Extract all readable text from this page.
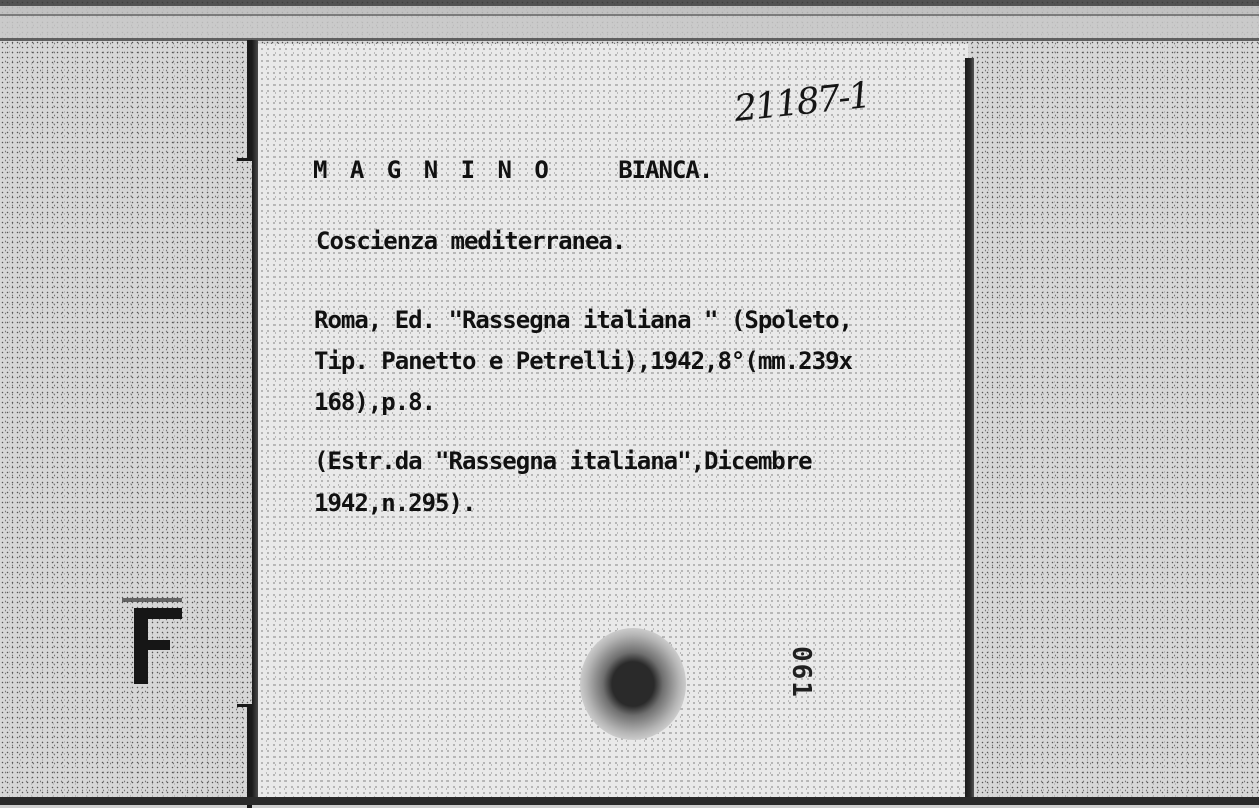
21187-1
M A G N I N O   BIANCA.
Coscienza mediterranea.
Roma, Ed. "Rassegna italiana " (Spoleto,
Tip. Panetto e Petrelli),1942,8°(mm.239x
168),p.8.
(Estr.da "Rassegna italiana",Dicembre
1942,n.295).
061
